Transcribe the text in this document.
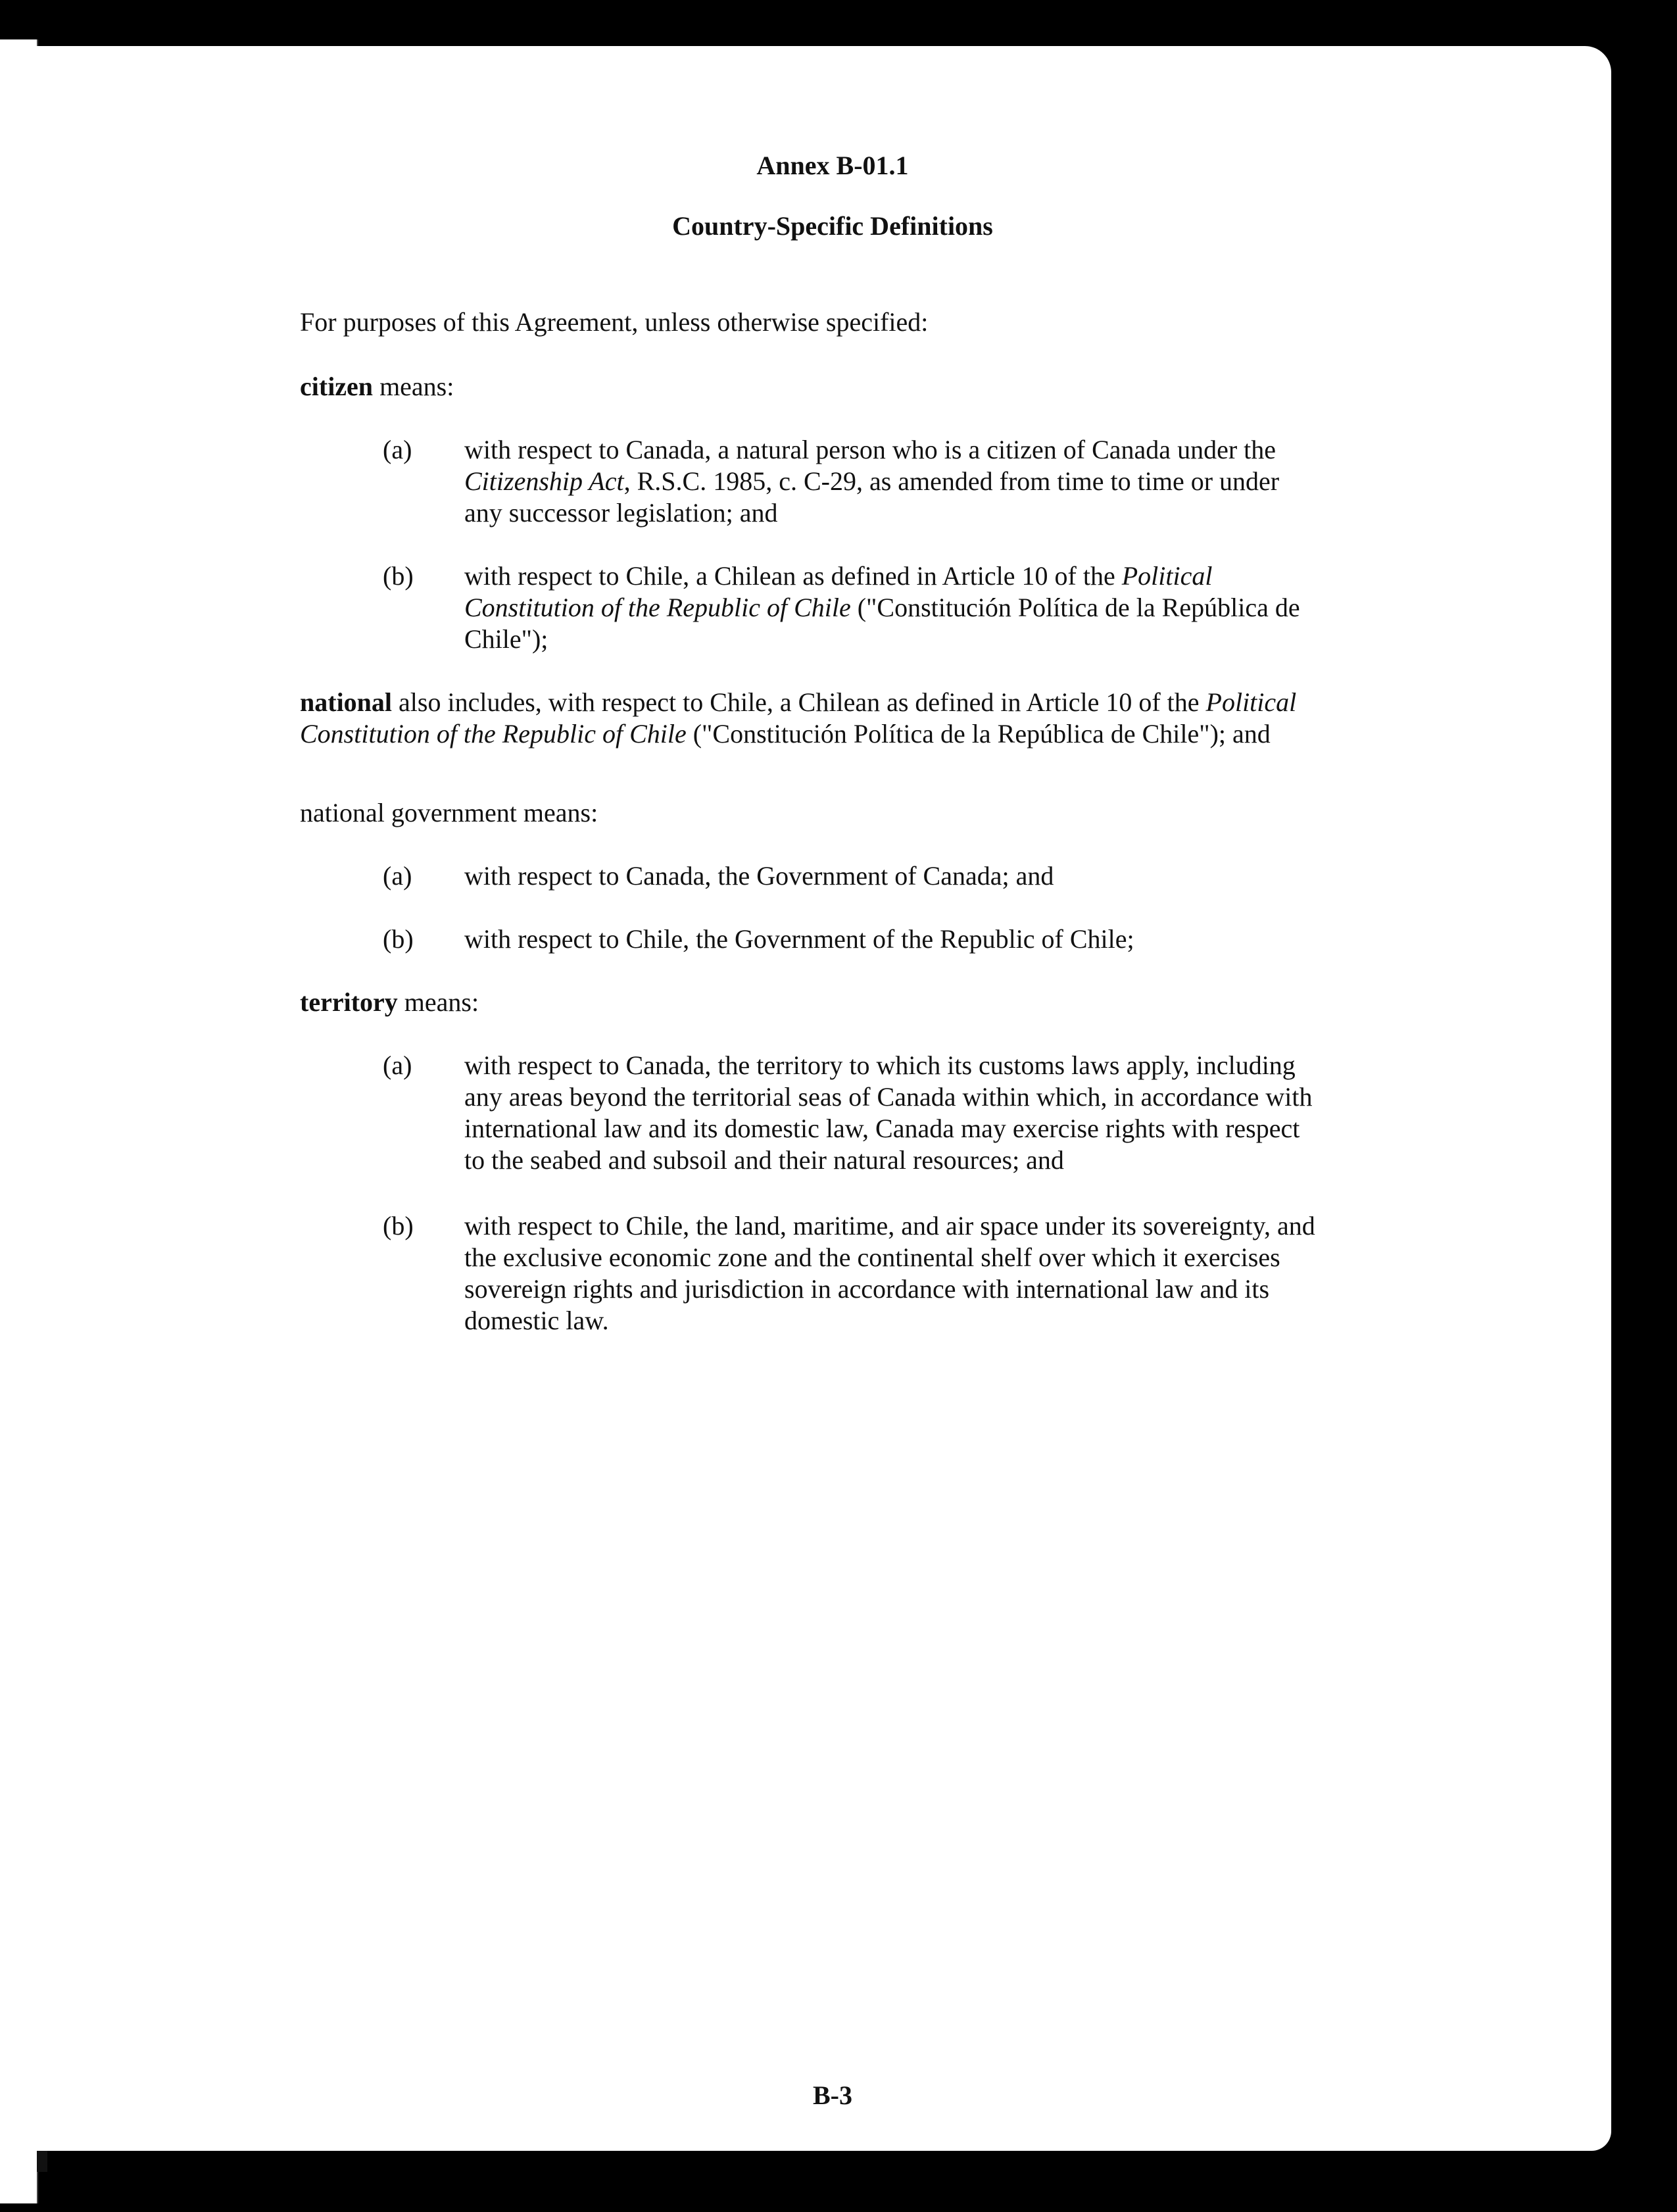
Annex B-01.1
Country-Specific Definitions

For purposes of this Agreement, unless otherwise specified:

citizen means:

(a) with respect to Canada, a natural person who is a citizen of Canada under the Citizenship Act, R.S.C. 1985, c. C-29, as amended from time to time or under any successor legislation; and

(b) with respect to Chile, a Chilean as defined in Article 10 of the Political Constitution of the Republic of Chile ("Constitución Política de la República de Chile");

national also includes, with respect to Chile, a Chilean as defined in Article 10 of the Political Constitution of the Republic of Chile ("Constitución Política de la República de Chile"); and

national government means:

(a) with respect to Canada, the Government of Canada; and

(b) with respect to Chile, the Government of the Republic of Chile;

territory means:

(a) with respect to Canada, the territory to which its customs laws apply, including any areas beyond the territorial seas of Canada within which, in accordance with international law and its domestic law, Canada may exercise rights with respect to the seabed and subsoil and their natural resources; and

(b) with respect to Chile, the land, maritime, and air space under its sovereignty, and the exclusive economic zone and the continental shelf over which it exercises sovereign rights and jurisdiction in accordance with international law and its domestic law.

B-3
